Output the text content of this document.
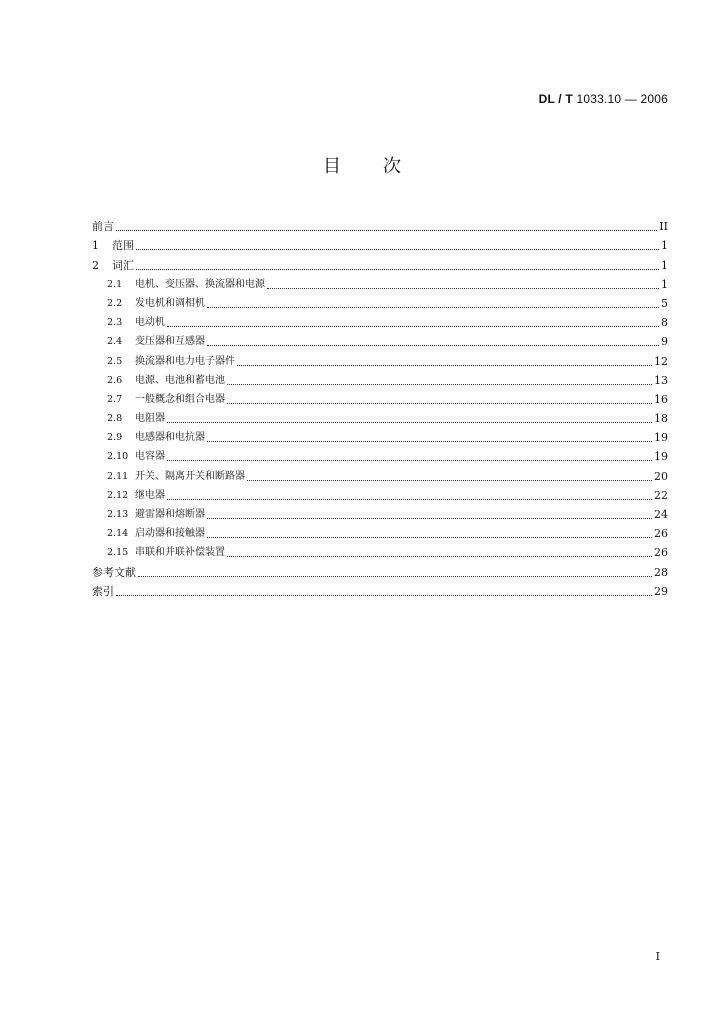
DL / T 1033.10 — 2006
目 次
前言	II
1 范围	1
2 词汇	1
2.1 电机、变压器、换流器和电源	1
2.2 发电机和调相机	5
2.3 电动机	8
2.4 变压器和互感器	9
2.5 换流器和电力电子器件	12
2.6 电源、电池和蓄电池	13
2.7 一般概念和组合电器	16
2.8 电阻器	18
2.9 电感器和电抗器	19
2.10 电容器	19
2.11 开关、隔离开关和断路器	20
2.12 继电器	22
2.13 避雷器和熔断器	24
2.14 启动器和接触器	26
2.15 串联和并联补偿装置	26
参考文献	28
索引	29
I
